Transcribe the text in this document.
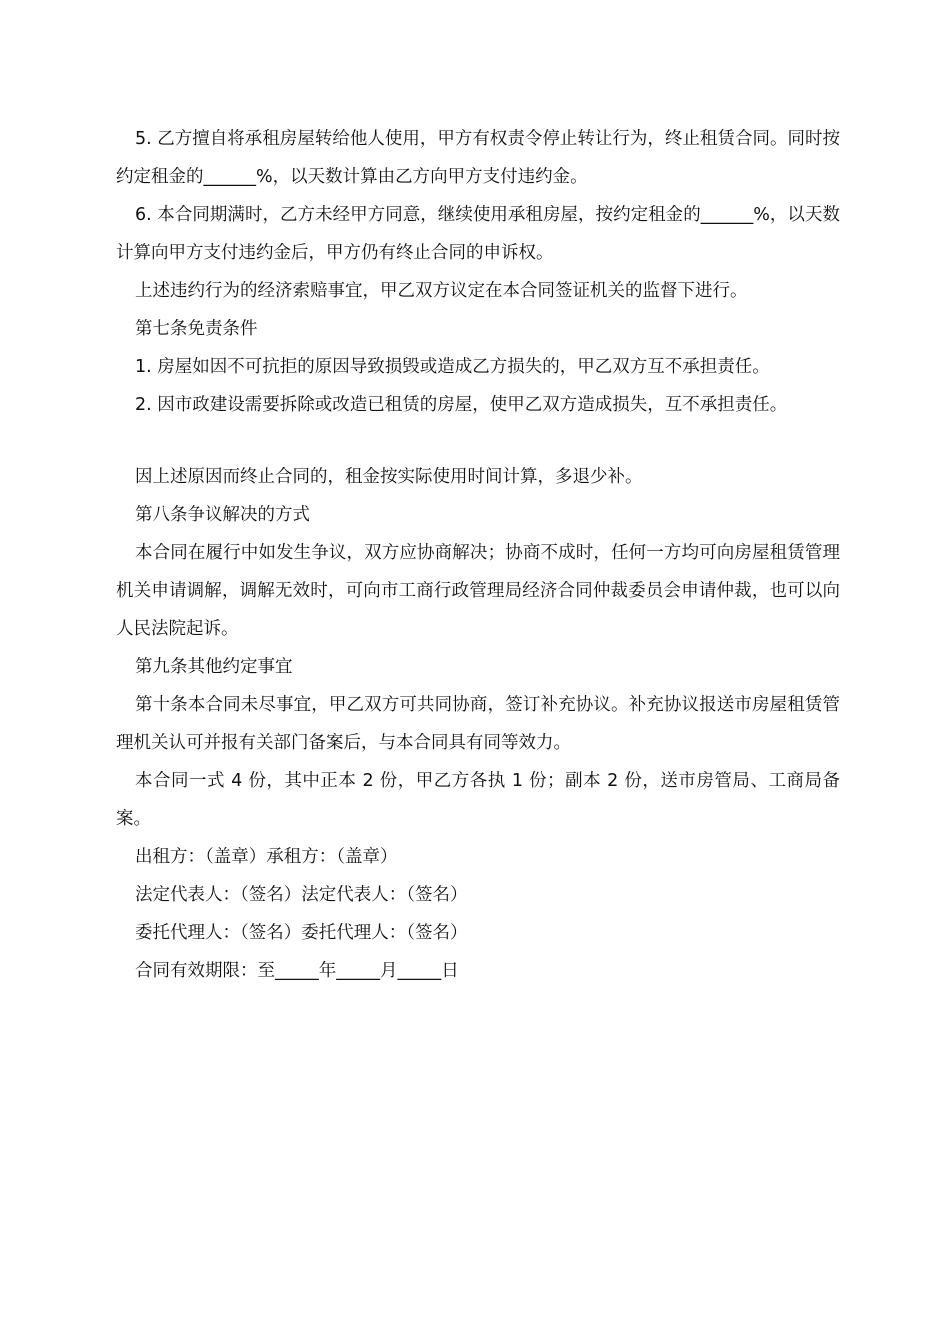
5. 乙方擅自将承租房屋转给他人使用，甲方有权责令停止转让行为，终止租赁合同。同时按约定租金的______%，以天数计算由乙方向甲方支付违约金。

6. 本合同期满时，乙方未经甲方同意，继续使用承租房屋，按约定租金的______%，以天数计算向甲方支付违约金后，甲方仍有终止合同的申诉权。

上述违约行为的经济索赔事宜，甲乙双方议定在本合同签证机关的监督下进行。

第七条免责条件

1. 房屋如因不可抗拒的原因导致损毁或造成乙方损失的，甲乙双方互不承担责任。

2. 因市政建设需要拆除或改造已租赁的房屋，使甲乙双方造成损失，互不承担责任。

因上述原因而终止合同的，租金按实际使用时间计算，多退少补。

第八条争议解决的方式

本合同在履行中如发生争议，双方应协商解决；协商不成时，任何一方均可向房屋租赁管理机关申请调解，调解无效时，可向市工商行政管理局经济合同仲裁委员会申请仲裁，也可以向人民法院起诉。

第九条其他约定事宜

第十条本合同未尽事宜，甲乙双方可共同协商，签订补充协议。补充协议报送市房屋租赁管理机关认可并报有关部门备案后，与本合同具有同等效力。

本合同一式 4 份，其中正本 2 份，甲乙方各执 1 份；副本 2 份，送市房管局、工商局备案。

出租方：（盖章）承租方：（盖章）

法定代表人：（签名）法定代表人：（签名）

委托代理人：（签名）委托代理人：（签名）

合同有效期限：至_____年_____月_____日
